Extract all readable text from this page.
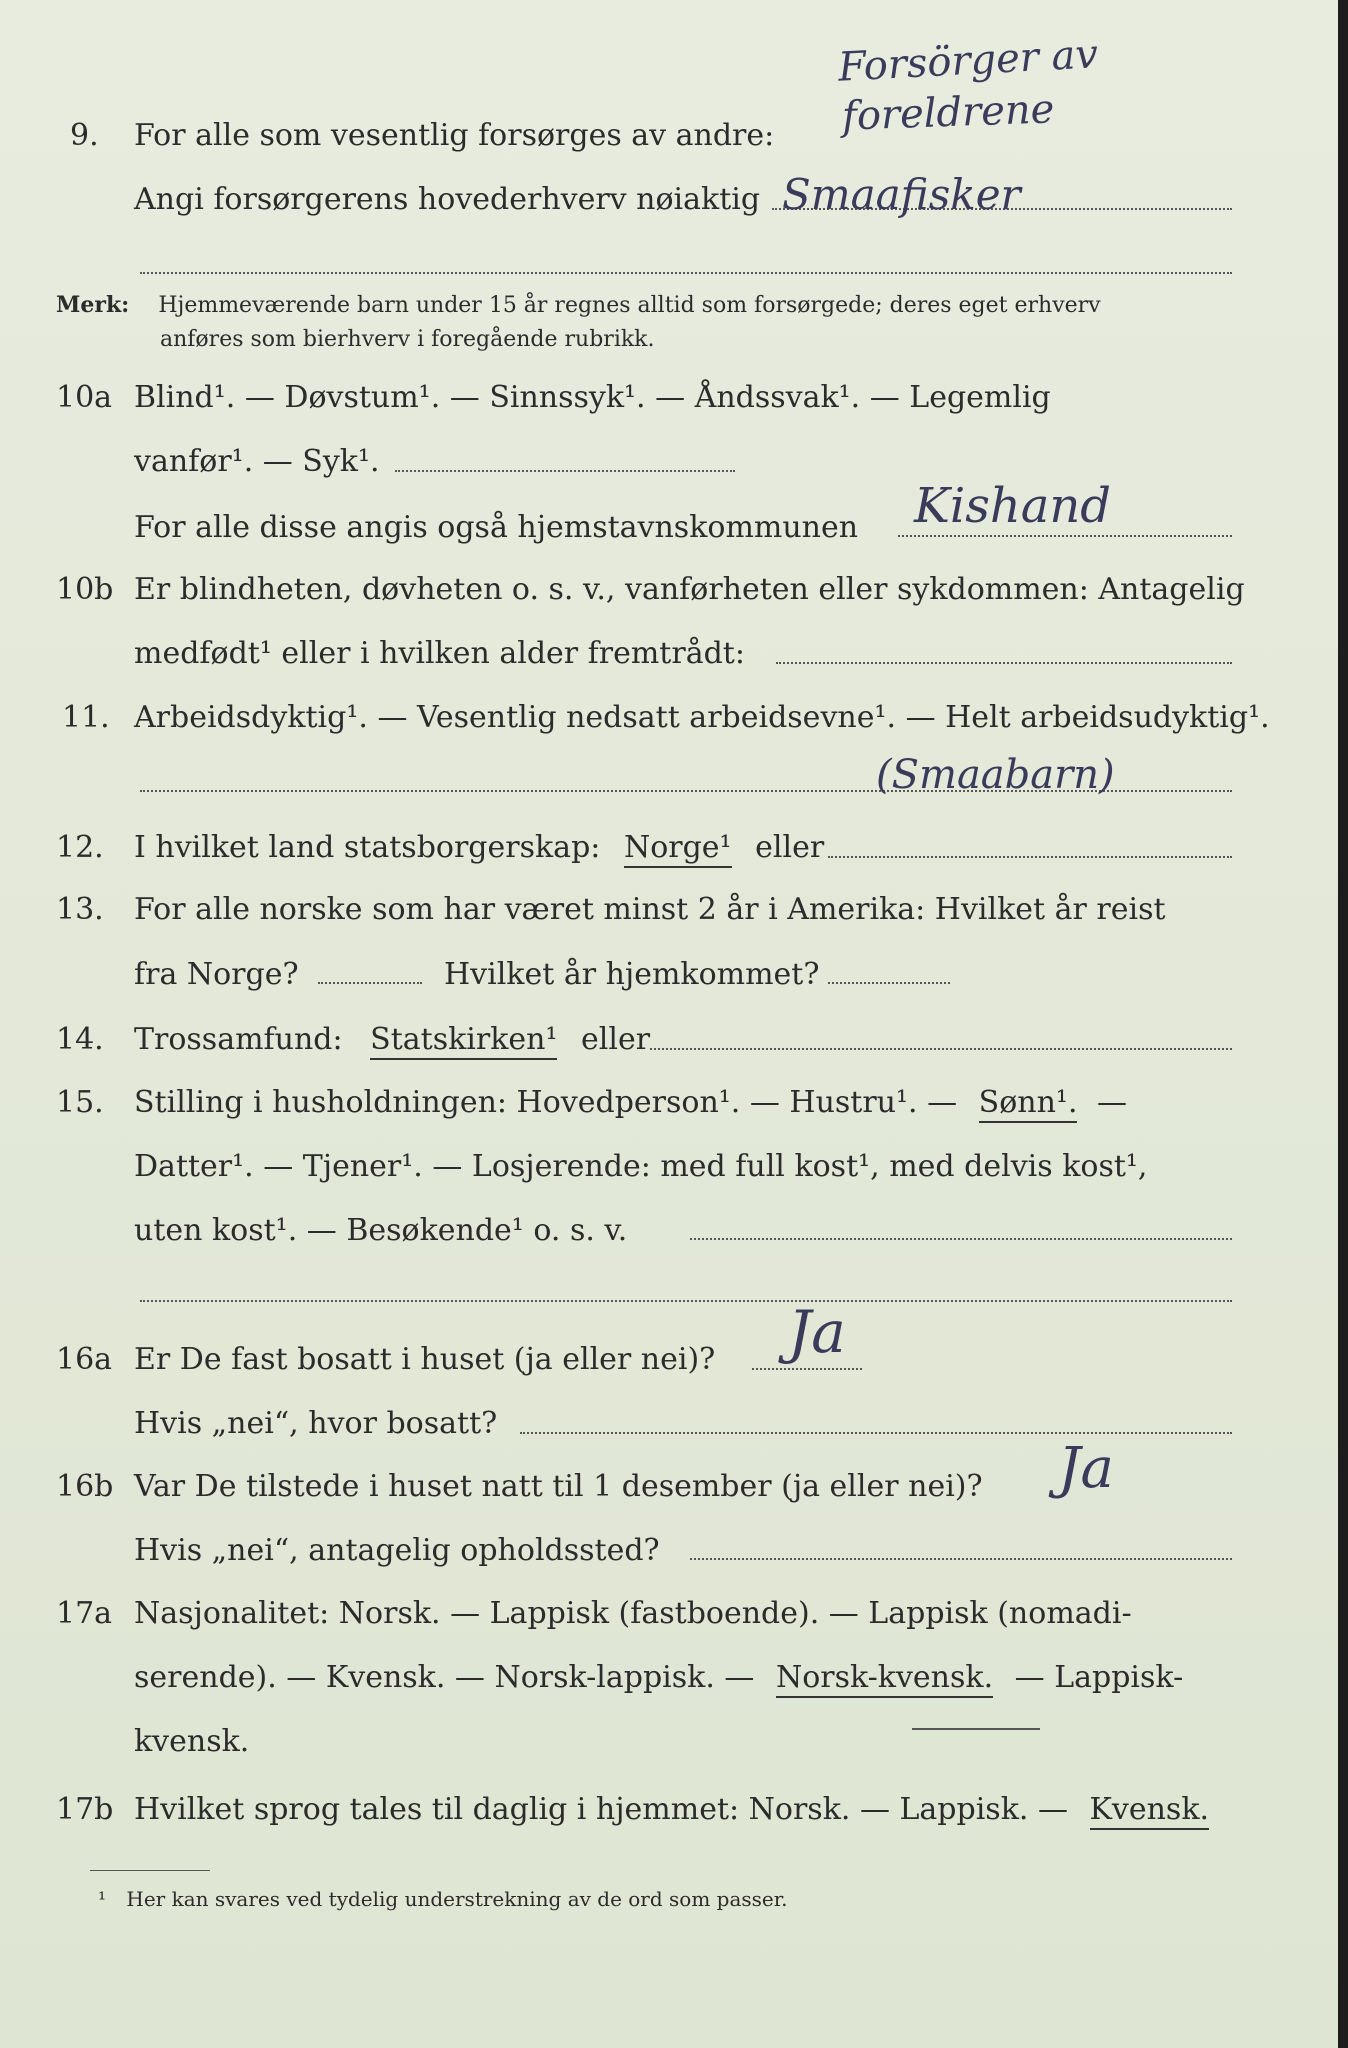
Forsörger av
foreldrene
9. For alle som vesentlig forsørges av andre:
Angi forsørgerens hovederhverv nøiaktig Smaafisker
Merk: Hjemmeværende barn under 15 år regnes alltid som forsørgede; deres eget erhverv
anføres som bierhverv i foregående rubrikk.
10a Blind¹. — Døvstum¹. — Sinnssyk¹. — Åndssvak¹. — Legemlig
vanfør¹. — Syk¹.
For alle disse angis også hjemstavnskommunen Kishand
10b Er blindheten, døvheten o. s. v., vanførheten eller sykdommen: Antagelig
medfødt¹ eller i hvilken alder fremtrådt:
11. Arbeidsdyktig¹. — Vesentlig nedsatt arbeidsevne¹. — Helt arbeidsudyktig¹.
(Smaabarn)
12. I hvilket land statsborgerskap: Norge¹ eller
13. For alle norske som har været minst 2 år i Amerika: Hvilket år reist
fra Norge?	Hvilket år hjemkommet?
14. Trossamfund: Statskirken¹ eller
15. Stilling i husholdningen: Hovedperson¹. — Hustru¹. — Sønn¹. —
Datter¹. — Tjener¹. — Losjerende: med full kost¹, med delvis kost¹,
uten kost¹. — Besøkende¹ o. s. v.
16a Er De fast bosatt i huset (ja eller nei)? Ja
Hvis „nei“, hvor bosatt?
16b Var De tilstede i huset natt til 1 desember (ja eller nei)? Ja
Hvis „nei“, antagelig opholdssted?
17a Nasjonalitet: Norsk. — Lappisk (fastboende). — Lappisk (nomadi-
serende). — Kvensk. — Norsk-lappisk. — Norsk-kvensk. — Lappisk-
kvensk.
17b Hvilket sprog tales til daglig i hjemmet: Norsk. — Lappisk. — Kvensk.
¹ Her kan svares ved tydelig understrekning av de ord som passer.
